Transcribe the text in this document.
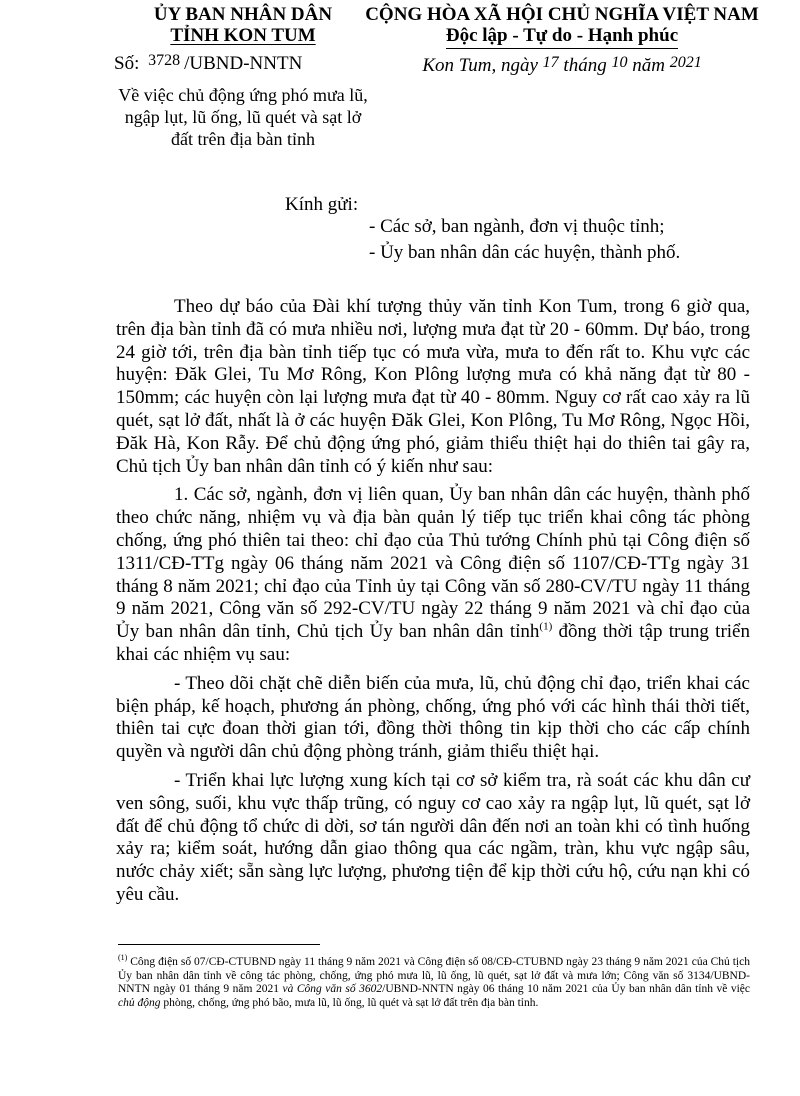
ỦY BAN NHÂN DÂN
TỈNH KON TUM
Số: $^{3728}$ /UBND-NNTN
Về việc chủ động ứng phó mưa lũ, ngập lụt, lũ ống, lũ quét và sạt lở đất trên địa bàn tỉnh
CỘNG HÒA XÃ HỘI CHỦ NGHĨA VIỆT NAM
Độc lập - Tự do - Hạnh phúc
Kon Tum, ngày $^{17}$ tháng $^{10}$ năm $^{2021}$
Kính gửi:
- Các sở, ban ngành, đơn vị thuộc tỉnh;
- Ủy ban nhân dân các huyện, thành phố.

Theo dự báo của Đài khí tượng thủy văn tỉnh Kon Tum, trong 6 giờ qua, trên địa bàn tỉnh đã có mưa nhiều nơi, lượng mưa đạt từ 20 - 60mm. Dự báo, trong 24 giờ tới, trên địa bàn tỉnh tiếp tục có mưa vừa, mưa to đến rất to. Khu vực các huyện: Đăk Glei, Tu Mơ Rông, Kon Plông lượng mưa có khả năng đạt từ 80 - 150mm; các huyện còn lại lượng mưa đạt từ 40 - 80mm. Nguy cơ rất cao xảy ra lũ quét, sạt lở đất, nhất là ở các huyện Đăk Glei, Kon Plông, Tu Mơ Rông, Ngọc Hồi, Đăk Hà, Kon Rẫy. Để chủ động ứng phó, giảm thiểu thiệt hại do thiên tai gây ra, Chủ tịch Ủy ban nhân dân tỉnh có ý kiến như sau:

1. Các sở, ngành, đơn vị liên quan, Ủy ban nhân dân các huyện, thành phố theo chức năng, nhiệm vụ và địa bàn quản lý tiếp tục triển khai công tác phòng chống, ứng phó thiên tai theo: chỉ đạo của Thủ tướng Chính phủ tại Công điện số 1311/CĐ-TTg ngày 06 tháng năm 2021 và Công điện số 1107/CĐ-TTg ngày 31 tháng 8 năm 2021; chỉ đạo của Tỉnh ủy tại Công văn số 280-CV/TU ngày 11 tháng 9 năm 2021, Công văn số 292-CV/TU ngày 22 tháng 9 năm 2021 và chỉ đạo của Ủy ban nhân dân tỉnh, Chủ tịch Ủy ban nhân dân tỉnh$^{(1)}$ đồng thời tập trung triển khai các nhiệm vụ sau:

- Theo dõi chặt chẽ diễn biến của mưa, lũ, chủ động chỉ đạo, triển khai các biện pháp, kế hoạch, phương án phòng, chống, ứng phó với các hình thái thời tiết, thiên tai cực đoan thời gian tới, đồng thời thông tin kịp thời cho các cấp chính quyền và người dân chủ động phòng tránh, giảm thiểu thiệt hại.

- Triển khai lực lượng xung kích tại cơ sở kiểm tra, rà soát các khu dân cư ven sông, suối, khu vực thấp trũng, có nguy cơ cao xảy ra ngập lụt, lũ quét, sạt lở đất để chủ động tổ chức di dời, sơ tán người dân đến nơi an toàn khi có tình huống xảy ra; kiểm soát, hướng dẫn giao thông qua các ngầm, tràn, khu vực ngập sâu, nước chảy xiết; sẵn sàng lực lượng, phương tiện để kịp thời cứu hộ, cứu nạn khi có yêu cầu.

$^{(1)}$ Công điện số 07/CĐ-CTUBND ngày 11 tháng 9 năm 2021 và Công điện số 08/CĐ-CTUBND ngày 23 tháng 9 năm 2021 của Chủ tịch Ủy ban nhân dân tỉnh về công tác phòng, chống, ứng phó mưa lũ, lũ ống, lũ quét, sạt lở đất và mưa lớn; Công văn số 3134/UBND-NNTN ngày 01 tháng 9 năm 2021 và Công văn số 3602/UBND-NNTN ngày 06 tháng 10 năm 2021 của Ủy ban nhân dân tỉnh về việc chủ động phòng, chống, ứng phó bão, mưa lũ, lũ ống, lũ quét và sạt lở đất trên địa bàn tỉnh.
